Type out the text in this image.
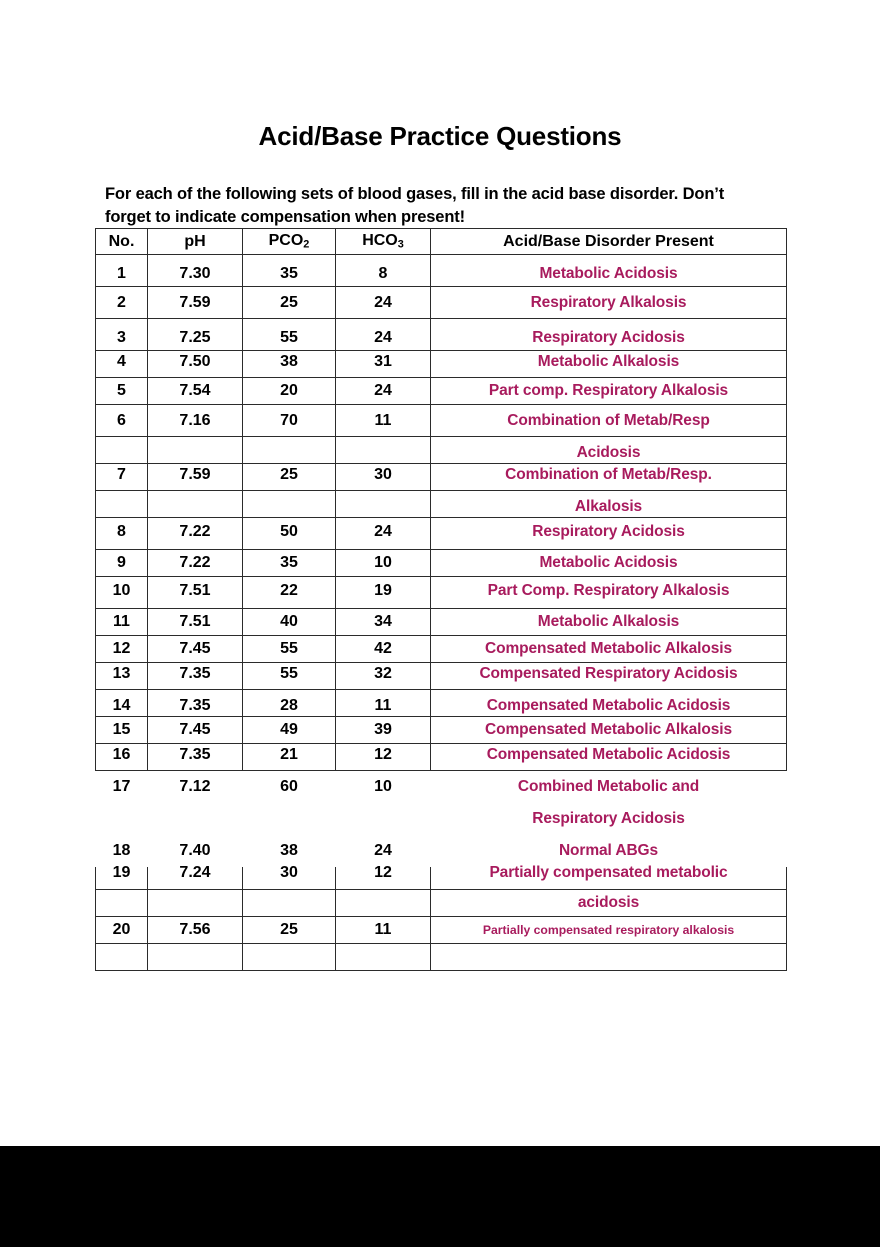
Acid/Base Practice Questions

For each of the following sets of blood gases, fill in the acid base disorder. Don’t forget to indicate compensation when present!

No.	pH	$PCO_2$	$HCO_3$	Acid/Base Disorder Present

1	7.30	35	8	Metabolic Acidosis

2	7.59	25	24	Respiratory Alkalosis

3	7.25	55	24	Respiratory Acidosis

4	7.50	38	31	Metabolic Alkalosis

5	7.54	20	24	Part comp. Respiratory Alkalosis
6	7.16	70	11	Combination of Metab/Resp

				Acidosis

7	7.59	25	30	Combination of Metab/Resp.

				Alkalosis

8	7.22	50	24	Respiratory Acidosis

9	7.22	35	10	Metabolic Acidosis

10	7.51	22	19	Part Comp. Respiratory Alkalosis

11	7.51	40	34	Metabolic Alkalosis
12	7.45	55	42	Compensated Metabolic Alkalosis

13	7.35	55	32	Compensated Respiratory Acidosis

14	7.35	28	11	Compensated Metabolic Acidosis

15	7.45	49	39	Compensated Metabolic Alkalosis

16	7.35	21	12	Compensated Metabolic Acidosis

17	7.12	60	10	Combined Metabolic and
				Respiratory Acidosis
18	7.40	38	24	Normal ABGs

19	7.24	30	12	Partially compensated metabolic

				acidosis
20	7.56	25	11	Partially compensated respiratory alkalosis
